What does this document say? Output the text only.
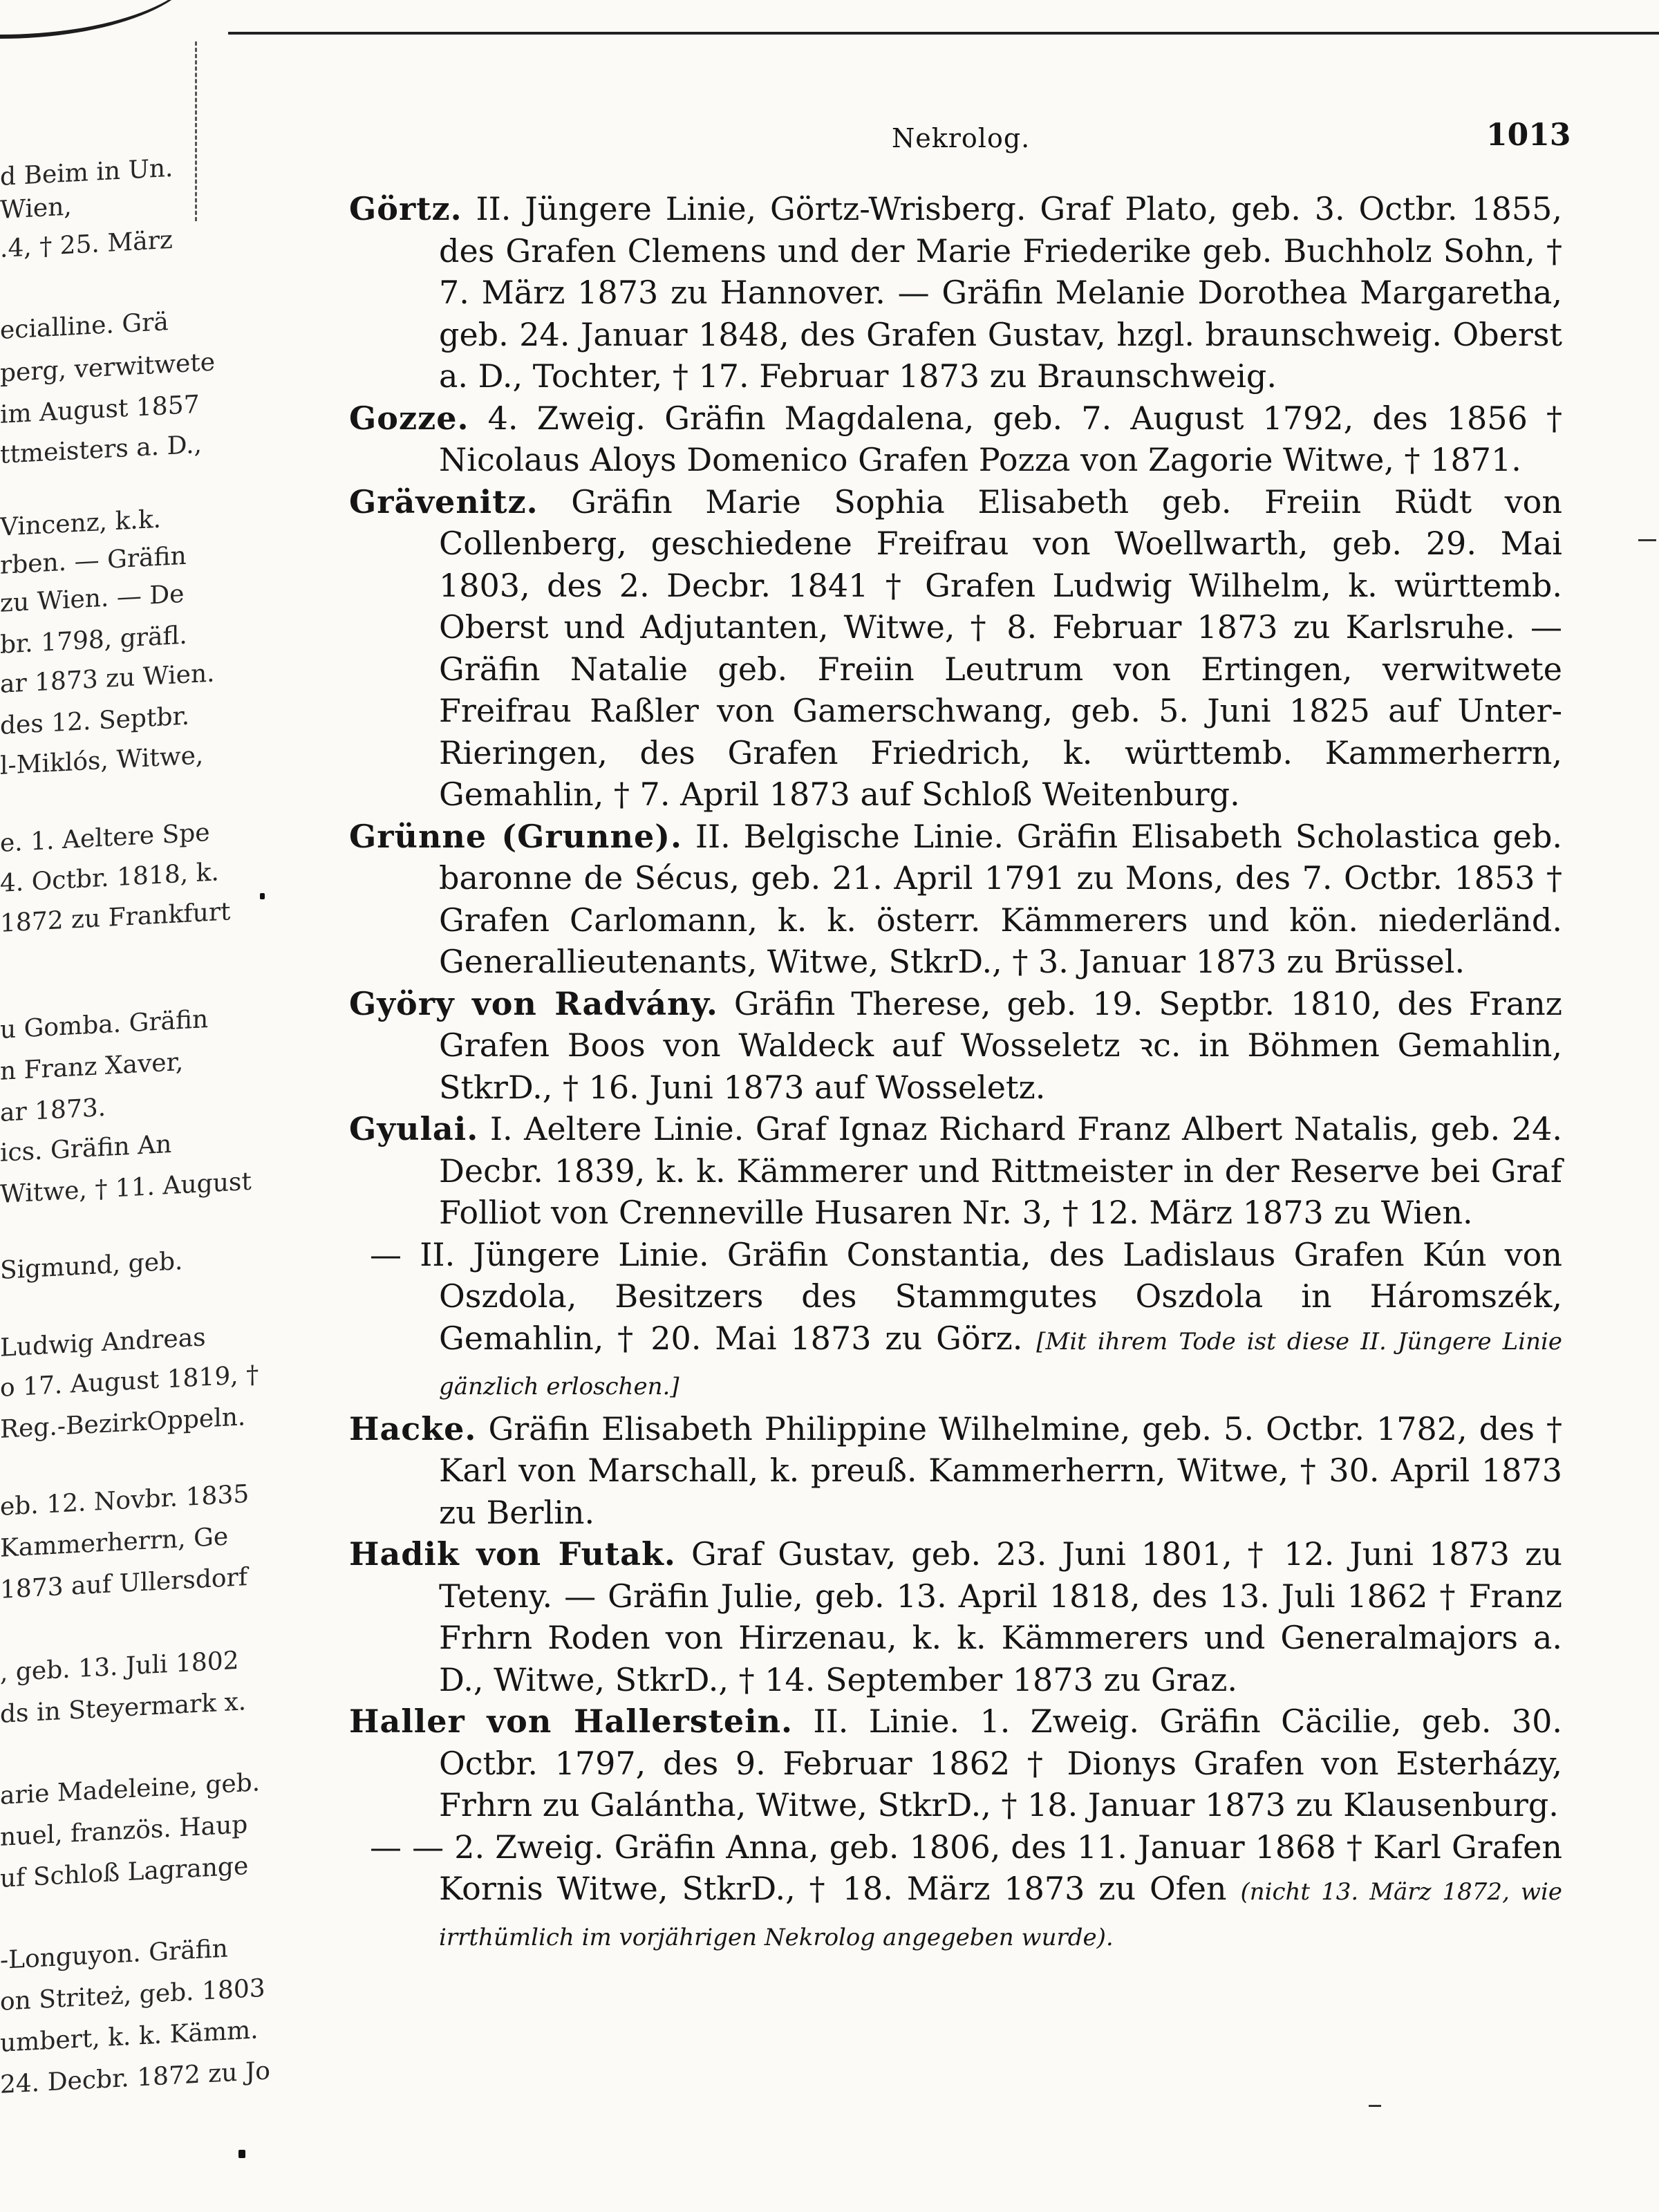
d Beim in Un.
Wien,
.4, † 25. März
ecialline. Grä
perg, verwitwete
im August 1857
ttmeisters a. D.,
Vincenz, k.k.
rben. — Gräfin
zu Wien. — De
br. 1798, gräfl.
ar 1873 zu Wien.
des 12. Septbr.
l-Miklós, Witwe,
e. 1. Aeltere Spe
4. Octbr. 1818, k.
1872 zu Frankfurt
u Gomba. Gräfin
n Franz Xaver,
ar 1873.
ics. Gräfin An
Witwe, † 11. August
Sigmund, geb.
Ludwig Andreas
o 17. August 1819, †
Reg.-BezirkOppeln.
eb. 12. Novbr. 1835
Kammerherrn, Ge
1873 auf Ullersdorf
, geb. 13. Juli 1802
ds in Steyermark x.
arie Madeleine, geb.
nuel, französ. Haup
uf Schloß Lagrange
-Longuyon. Gräfin
on Striteż, geb. 1803
umbert, k. k. Kämm.
24. Decbr. 1872 zu Jo
Nekrolog.	1013

Görtz. II. Jüngere Linie, Görtz-Wrisberg. Graf Plato, geb. 3. Octbr. 1855, des Grafen Clemens und der Marie Friederike geb. Buchholz Sohn, † 7. März 1873 zu Hannover. — Gräfin Melanie Dorothea Margaretha, geb. 24. Januar 1848, des Grafen Gustav, hzgl. braunschweig. Oberst a. D., Tochter, † 17. Februar 1873 zu Braunschweig.

Gozze. 4. Zweig. Gräfin Magdalena, geb. 7. August 1792, des 1856 † Nicolaus Aloys Domenico Grafen Pozza von Zagorie Witwe, † 1871.

Grävenitz. Gräfin Marie Sophia Elisabeth geb. Freiin Rüdt von Collenberg, geschiedene Freifrau von Woellwarth, geb. 29. Mai 1803, des 2. Decbr. 1841 † Grafen Ludwig Wilhelm, k. württemb. Oberst und Adjutanten, Witwe, † 8. Februar 1873 zu Karlsruhe. — Gräfin Natalie geb. Freiin Leutrum von Ertingen, verwitwete Freifrau Raßler von Gamerschwang, geb. 5. Juni 1825 auf Unter-Rieringen, des Grafen Friedrich, k. württemb. Kammerherrn, Gemahlin, † 7. April 1873 auf Schloß Weitenburg.

Grünne (Grunne). II. Belgische Linie. Gräfin Elisabeth Scholastica geb. baronne de Sécus, geb. 21. April 1791 zu Mons, des 7. Octbr. 1853 † Grafen Carlomann, k. k. österr. Kämmerers und kön. niederländ. Generallieutenants, Witwe, StkrD., † 3. Januar 1873 zu Brüssel.

Györy von Radvány. Gräfin Therese, geb. 19. Septbr. 1810, des Franz Grafen Boos von Waldeck auf Wosseletz ꝛc. in Böhmen Gemahlin, StkrD., † 16. Juni 1873 auf Wosseletz.

Gyulai. I. Aeltere Linie. Graf Ignaz Richard Franz Albert Natalis, geb. 24. Decbr. 1839, k. k. Kämmerer und Rittmeister in der Reserve bei Graf Folliot von Crenneville Husaren Nr. 3, † 12. März 1873 zu Wien.

— II. Jüngere Linie. Gräfin Constantia, des Ladislaus Grafen Kún von Oszdola, Besitzers des Stammgutes Oszdola in Háromszék, Gemahlin, † 20. Mai 1873 zu Görz. [Mit ihrem Tode ist diese II. Jüngere Linie gänzlich erloschen.]

Hacke. Gräfin Elisabeth Philippine Wilhelmine, geb. 5. Octbr. 1782, des † Karl von Marschall, k. preuß. Kammerherrn, Witwe, † 30. April 1873 zu Berlin.

Hadik von Futak. Graf Gustav, geb. 23. Juni 1801, † 12. Juni 1873 zu Teteny. — Gräfin Julie, geb. 13. April 1818, des 13. Juli 1862 † Franz Frhrn Roden von Hirzenau, k. k. Kämmerers und Generalmajors a. D., Witwe, StkrD., † 14. September 1873 zu Graz.

Haller von Hallerstein. II. Linie. 1. Zweig. Gräfin Cäcilie, geb. 30. Octbr. 1797, des 9. Februar 1862 † Dionys Grafen von Esterházy, Frhrn zu Galántha, Witwe, StkrD., † 18. Januar 1873 zu Klausenburg.

— — 2. Zweig. Gräfin Anna, geb. 1806, des 11. Januar 1868 † Karl Grafen Kornis Witwe, StkrD., † 18. März 1873 zu Ofen (nicht 13. März 1872, wie irrthümlich im vorjährigen Nekrolog angegeben wurde).
